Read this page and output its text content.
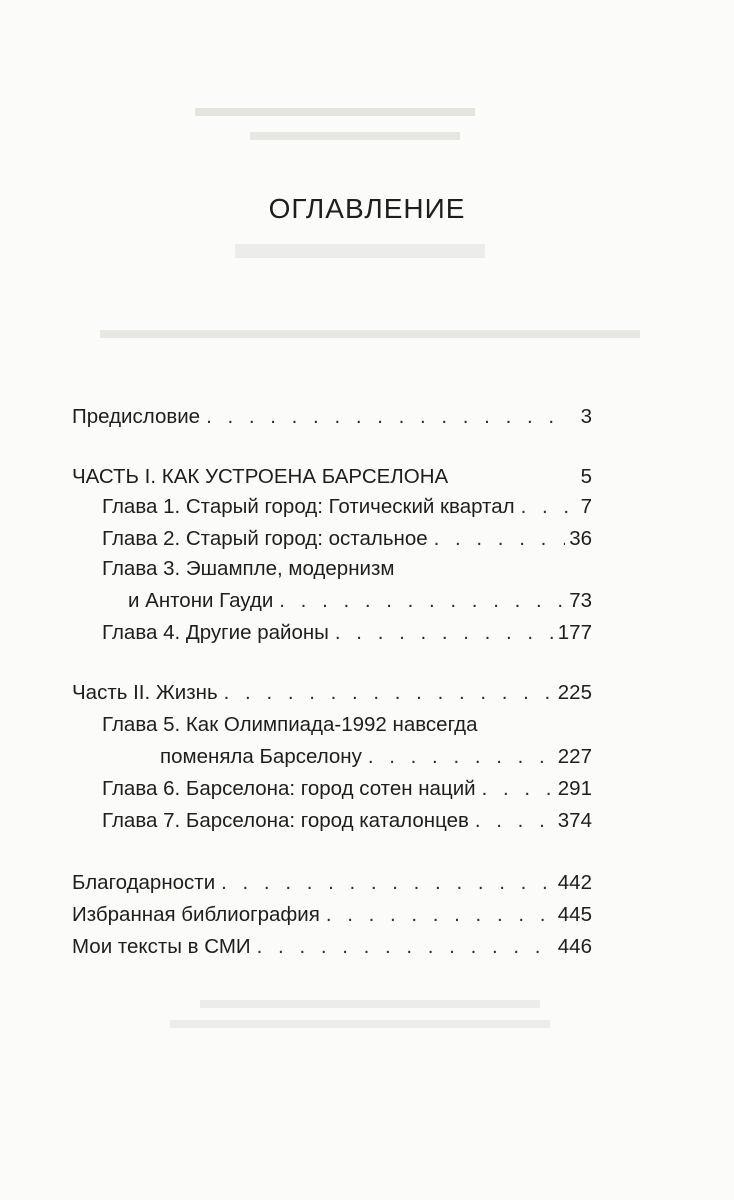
ОГЛАВЛЕНИЕ
Предисловие . . .	3
ЧАСТЬ I. КАК УСТРОЕНА БАРСЕЛОНА	5
Глава 1. Старый город: Готический квартал . . .	7
Глава 2. Старый город: остальное . . .	36
Глава 3. Эшампле, модернизм
и Антони Гауди . . .	73
Глава 4. Другие районы . . .	177
Часть II. Жизнь . . .	225
Глава 5. Как Олимпиада-1992 навсегда
поменяла Барселону . . .	227
Глава 6. Барселона: город сотен наций . . .	291
Глава 7. Барселона: город каталонцев . . .	374
Благодарности . . .	442
Избранная библиография . . .	445
Мои тексты в СМИ . . .	446
